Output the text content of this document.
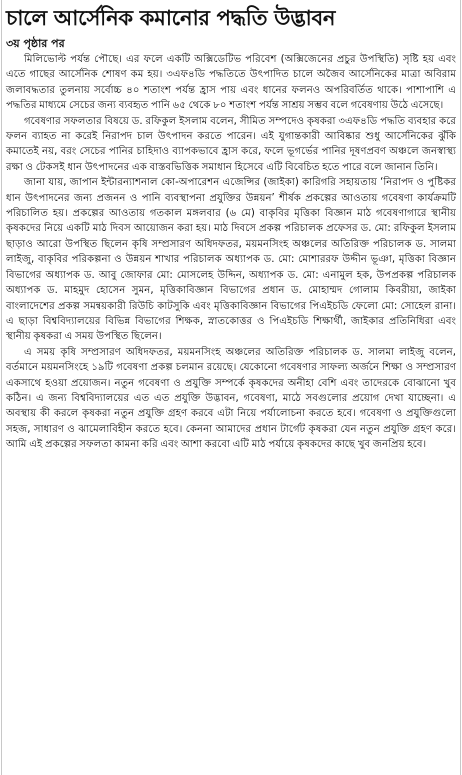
চালে আর্সেনিক কমানোর পদ্ধতি উদ্ভাবন
৩য় পৃষ্ঠার পর

মিলিভোল্ট পর্যন্ত পৌছে। এর ফলে একটি অক্সিডেটিভ পরিবেশ (অক্সিজেনের প্রচুর উপস্থিতি) সৃষ্টি হয় এবং এতে গাছের আর্সেনিক শোষণ কম হয়। ৩এফ৪ডি পদ্ধতিতে উৎপাদিত চালে অজৈব আর্সেনিকের মাত্রা অবিরাম জলাবদ্ধতার তুলনায় সর্বোচ্চ ৪০ শতাংশ পর্যন্ত হ্রাস পায় এবং ধানের ফলনও অপরিবর্তিত থাকে। পাশাপাশি এ পদ্ধতির মাধ্যমে সেচের জন্য ব্যবহৃত পানি ৬৫ থেকে ৮০ শতাংশ পর্যন্ত সাশ্রয় সম্ভব বলে গবেষণায় উঠে এসেছে।

গবেষণার সফলতার বিষয়ে ড. রফিকুল ইসলাম বলেন, সীমিত সম্পদেও কৃষকরা ৩এফ৪ডি পদ্ধতি ব্যবহার করে ফলন ব্যাহত না করেই নিরাপদ চাল উৎপাদন করতে পারেন। এই যুগান্তকারী আবিষ্কার শুধু আর্সেনিকের ঝুঁকি কমাতেই নয়, বরং সেচের পানির চাহিদাও ব্যাপকভাবে হ্রাস করে, ফলে ভূগর্ভের পানির দূষণপ্রবণ অঞ্চলে জনস্বাস্থ্য রক্ষা ও টেকসই ধান উৎপাদনের এক বাস্তবভিত্তিক সমাধান হিসেবে এটি বিবেচিত হতে পারে বলে জানান তিনি।

জানা যায়, জাপান ইন্টারন্যাশনাল কো-অপারেশন এজেন্সির (জাইকা) কারিগরি সহায়তায় ‘নিরাপদ ও পুষ্টিকর ধান উৎপাদনের জন্য প্রজনন ও পানি ব্যবস্থাপনা প্রযুক্তির উন্নয়ন’ শীর্ষক প্রকল্পের আওতায় গবেষণা কার্যক্রমটি পরিচালিত হয়। প্রকল্পের আওতায় গতকাল মঙ্গলবার (৬ মে) বাকৃবির মৃত্তিকা বিজ্ঞান মাঠ গবেষণাগারে স্থানীয় কৃষকদের নিয়ে একটি মাঠ দিবস আয়োজন করা হয়। মাঠ দিবসে প্রকল্প পরিচালক প্রফেসর ড. মো: রফিকুল ইসলাম ছাড়াও আরো উপস্থিত ছিলেন কৃষি সম্প্রসারণ অধিদফতর, ময়মনসিংহ অঞ্চলের অতিরিক্ত পরিচালক ড. সালমা লাইজু, বাকৃবির পরিকল্পনা ও উন্নয়ন শাখার পরিচালক অধ্যাপক ড. মো: মোশাররফ উদ্দীন ভূঞা, মৃত্তিকা বিজ্ঞান বিভাগের অধ্যাপক ড. আবু জোফার মো: মোসলেহ উদ্দিন, অধ্যাপক ড. মো: এনামুল হক, উপপ্রকল্প পরিচালক অধ্যাপক ড. মাহমুদ হোসেন সুমন, মৃত্তিকাবিজ্ঞান বিভাগের প্রধান ড. মোহাম্মদ গোলাম কিবরীয়া, জাইকা বাংলাদেশের প্রকল্প সমন্বয়কারী রিউচি কাটসুকি এবং মৃত্তিকাবিজ্ঞান বিভাগের পিএইচডি ফেলো মো: সোহেল রানা। এ ছাড়া বিশ্ববিদ্যালয়ের বিভিন্ন বিভাগের শিক্ষক, স্নাতকোত্তর ও পিএইচডি শিক্ষার্থী, জাইকার প্রতিনিধিরা এবং স্থানীয় কৃষকরা এ সময় উপস্থিত ছিলেন।

এ সময় কৃষি সম্প্রসারণ অধিদফতর, ময়মনসিংহ অঞ্চলের অতিরিক্ত পরিচালক ড. সালমা লাইজু বলেন, বর্তমানে ময়মনসিংহে ১৯টি গবেষণা প্রকল্প চলমান রয়েছে। যেকোনো গবেষণার সাফল্য অর্জনে শিক্ষা ও সম্প্রসারণ একসাথে হওয়া প্রয়োজন। নতুন গবেষণা ও প্রযুক্তি সম্পর্কে কৃষকদের অনীহা বেশি এবং তাদেরকে বোঝানো খুব কঠিন। এ জন্য বিশ্ববিদ্যালয়ের এত এত প্রযুক্তি উদ্ভাবন, গবেষণা, মাঠে সবগুলোর প্রয়োগ দেখা যাচ্ছেনা। এ অবস্থায় কী করলে কৃষকরা নতুন প্রযুক্তি গ্রহণ করবে এটা নিয়ে পর্যালোচনা করতে হবে। গবেষণা ও প্রযুক্তিগুলো সহজ, সাধারণ ও ঝামেলাবিহীন করতে হবে। কেননা আমাদের প্রধান টার্গেট কৃষকরা যেন নতুন প্রযুক্তি গ্রহণ করে। আমি এই প্রকল্পের সফলতা কামনা করি এবং আশা করবো এটি মাঠ পর্যায়ে কৃষকদের কাছে খুব জনপ্রিয় হবে।
